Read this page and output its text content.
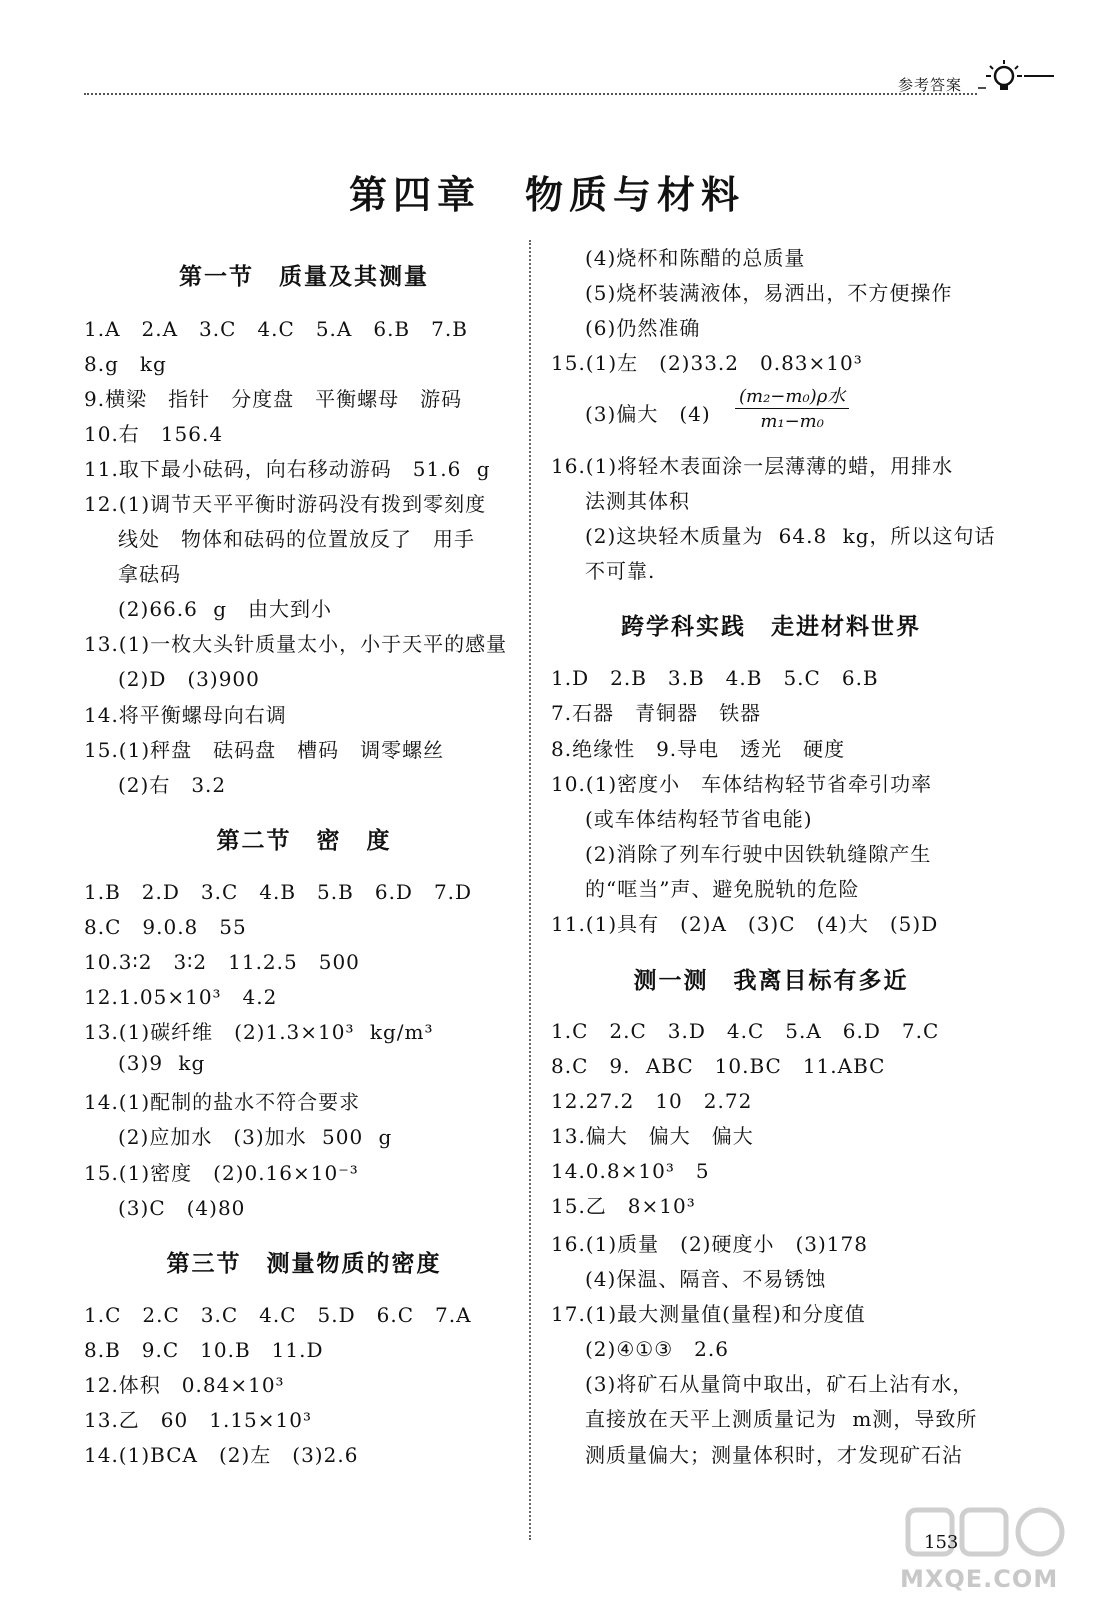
参考答案
第四章　物质与材料
第一节　质量及其测量
1.A　2.A　3.C　4.C　5.A　6.B　7.B
8.g　kg
9.横梁　指针　分度盘　平衡螺母　游码
10.右　156.4
11.取下最小砝码，向右移动游码　51.6 g
12.(1)调节天平平衡时游码没有拨到零刻度
线处　物体和砝码的位置放反了　用手
拿砝码
(2)66.6 g　由大到小
13.(1)一枚大头针质量太小，小于天平的感量
(2)D　(3)900
14.将平衡螺母向右调
15.(1)秤盘　砝码盘　槽码　调零螺丝
(2)右　3.2
第二节　密　度
1.B　2.D　3.C　4.B　5.B　6.D　7.D
8.C　9.0.8　55
10.3∶2　3∶2　11.2.5　500
12.1.05×10³　4.2
13.(1)碳纤维　(2)1.3×10³ kg/m³
(3)9 kg
14.(1)配制的盐水不符合要求
(2)应加水　(3)加水 500 g
15.(1)密度　(2)0.16×10⁻³
(3)C　(4)80
第三节　测量物质的密度
1.C　2.C　3.C　4.C　5.D　6.C　7.A
8.B　9.C　10.B　11.D
12.体积　0.84×10³
13.乙　60　1.15×10³
14.(1)BCA　(2)左　(3)2.6
(4)烧杯和陈醋的总质量
(5)烧杯装满液体，易洒出，不方便操作
(6)仍然准确
15.(1)左　(2)33.2　0.83×10³
(3)偏大　(4)
(m₂−m₀)ρ水
m₁−m₀
16.(1)将轻木表面涂一层薄薄的蜡，用排水
法测其体积
(2)这块轻木质量为 64.8 kg，所以这句话
不可靠.
跨学科实践　走进材料世界
1.D　2.B　3.B　4.B　5.C　6.B
7.石器　青铜器　铁器
8.绝缘性　9.导电　透光　硬度
10.(1)密度小　车体结构轻节省牵引功率
(或车体结构轻节省电能)
(2)消除了列车行驶中因铁轨缝隙产生
的“哐当”声、避免脱轨的危险
11.(1)具有　(2)A　(3)C　(4)大　(5)D
测一测　我离目标有多近
1.C　2.C　3.D　4.C　5.A　6.D　7.C
8.C　9. ABC　10.BC　11.ABC
12.27.2　10　2.72
13.偏大　偏大　偏大
14.0.8×10³　5
15.乙　8×10³
16.(1)质量　(2)硬度小　(3)178
(4)保温、隔音、不易锈蚀
17.(1)最大测量值(量程)和分度值
(2)④①③　2.6
(3)将矿石从量筒中取出，矿石上沾有水，
直接放在天平上测质量记为 m测，导致所
测质量偏大；测量体积时，才发现矿石沾
153
MXQE.COM
